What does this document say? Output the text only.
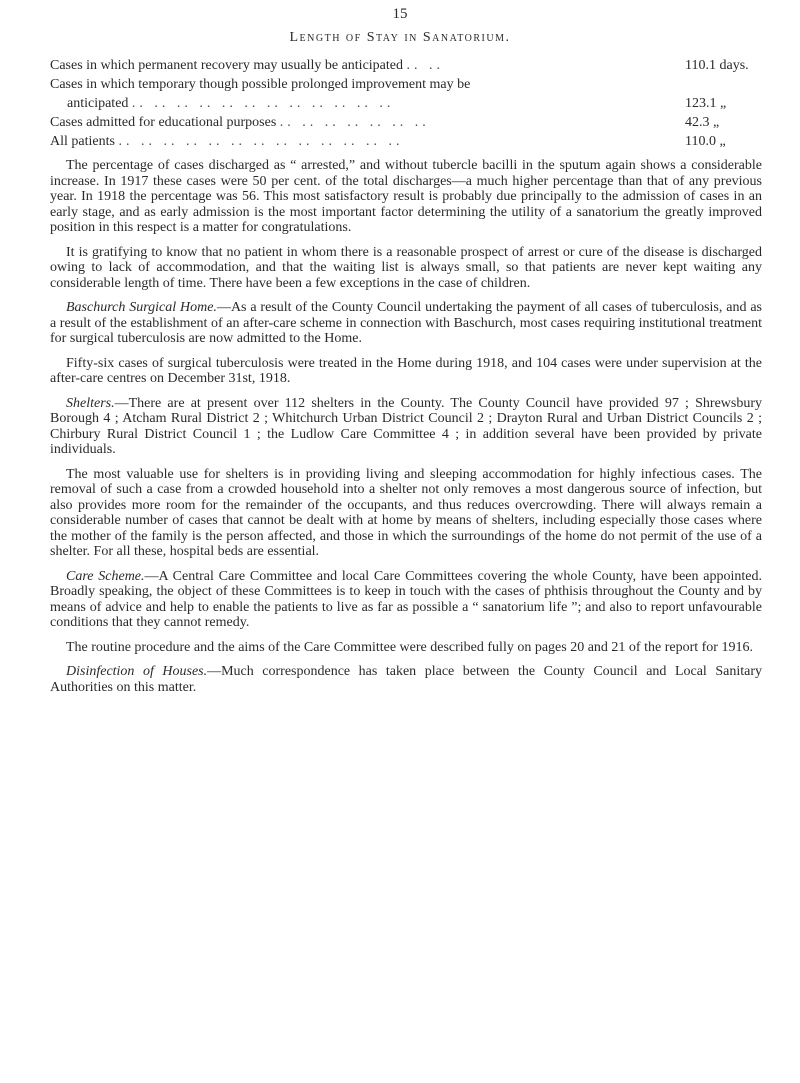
15
Length of Stay in Sanatorium.
Cases in which permanent recovery may usually be anticipated .. ..	110.1 days.
Cases in which temporary though possible prolonged improvement may be
anticipated .. .. .. .. .. .. .. .. .. .. .. ..	123.1 „
Cases admitted for educational purposes .. .. .. .. .. .. ..	42.3 „
All patients .. .. .. .. .. .. .. .. .. .. .. .. ..	110.0 „

The percentage of cases discharged as “ arrested,” and without tubercle bacilli in the sputum again shows a considerable increase. In 1917 these cases were 50 per cent. of the total discharges—a much higher percentage than that of any previous year. In 1918 the percentage was 56. This most satisfactory result is probably due principally to the admission of cases in an early stage, and as early admission is the most important factor determining the utility of a sanatorium the greatly improved position in this respect is a matter for congratulations.

It is gratifying to know that no patient in whom there is a reasonable prospect of arrest or cure of the disease is discharged owing to lack of accommodation, and that the waiting list is always small, so that patients are never kept waiting any considerable length of time. There have been a few exceptions in the case of children.

Baschurch Surgical Home.—As a result of the County Council undertaking the payment of all cases of tuberculosis, and as a result of the establishment of an after-care scheme in connection with Baschurch, most cases requiring institutional treatment for surgical tuberculosis are now admitted to the Home.

Fifty-six cases of surgical tuberculosis were treated in the Home during 1918, and 104 cases were under supervision at the after-care centres on December 31st, 1918.

Shelters.—There are at present over 112 shelters in the County. The County Council have provided 97 ; Shrewsbury Borough 4 ; Atcham Rural District 2 ; Whitchurch Urban District Council 2 ; Drayton Rural and Urban District Councils 2 ; Chirbury Rural District Council 1 ; the Ludlow Care Committee 4 ; in addition several have been provided by private individuals.

The most valuable use for shelters is in providing living and sleeping accommodation for highly infectious cases. The removal of such a case from a crowded household into a shelter not only removes a most dangerous source of infection, but also provides more room for the remainder of the occupants, and thus reduces overcrowding. There will always remain a considerable number of cases that cannot be dealt with at home by means of shelters, including especially those cases where the mother of the family is the person affected, and those in which the surroundings of the home do not permit of the use of a shelter. For all these, hospital beds are essential.

Care Scheme.—A Central Care Committee and local Care Committees covering the whole County, have been appointed. Broadly speaking, the object of these Committees is to keep in touch with the cases of phthisis throughout the County and by means of advice and help to enable the patients to live as far as possible a “ sanatorium life ”; and also to report unfavourable conditions that they cannot remedy.

The routine procedure and the aims of the Care Committee were described fully on pages 20 and 21 of the report for 1916.

Disinfection of Houses.—Much correspondence has taken place between the County Council and Local Sanitary Authorities on this matter.
